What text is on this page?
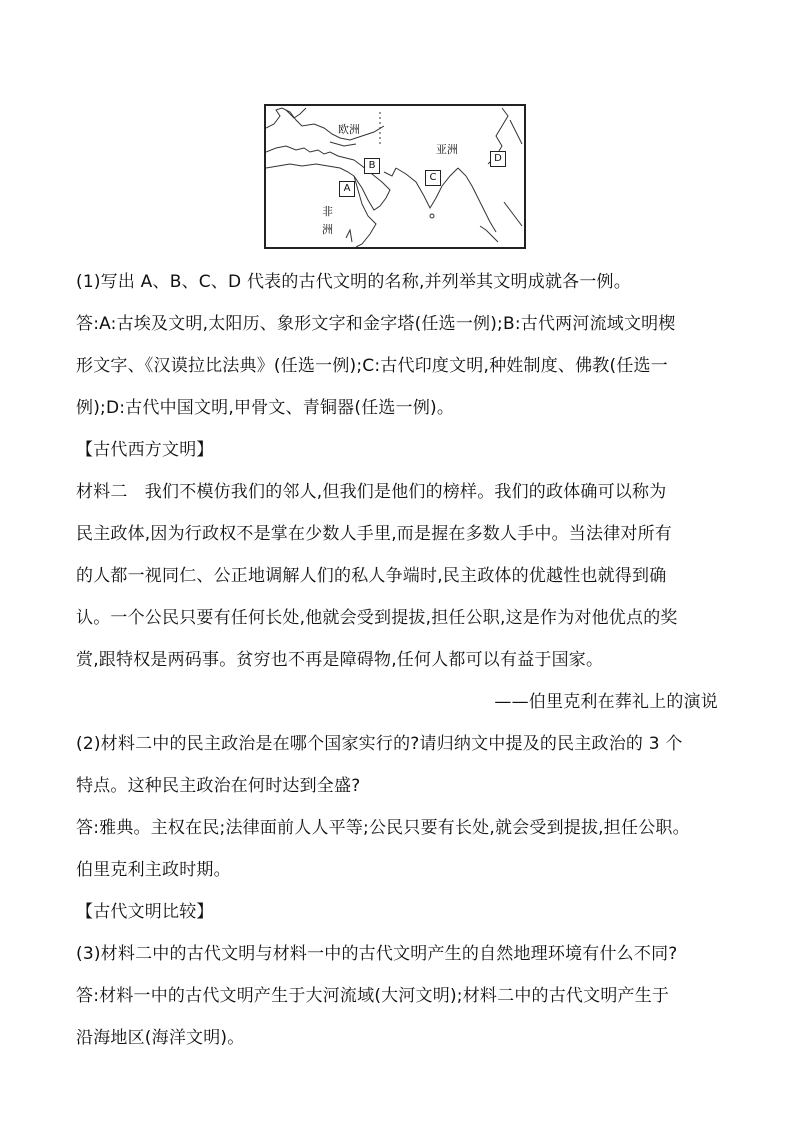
欧洲
亚洲
非
洲
A
B
C
D
(1)写出 A、B、C、D 代表的古代文明的名称,并列举其文明成就各一例。
答:A:古埃及文明,太阳历、象形文字和金字塔(任选一例);B:古代两河流域文明楔
形文字、《汉谟拉比法典》(任选一例);C:古代印度文明,种姓制度、佛教(任选一
例);D:古代中国文明,甲骨文、青铜器(任选一例)。
【古代西方文明】
材料二　我们不模仿我们的邻人,但我们是他们的榜样。我们的政体确可以称为
民主政体,因为行政权不是掌在少数人手里,而是握在多数人手中。当法律对所有
的人都一视同仁、公正地调解人们的私人争端时,民主政体的优越性也就得到确
认。一个公民只要有任何长处,他就会受到提拔,担任公职,这是作为对他优点的奖
赏,跟特权是两码事。贫穷也不再是障碍物,任何人都可以有益于国家。
——伯里克利在葬礼上的演说
(2)材料二中的民主政治是在哪个国家实行的?请归纳文中提及的民主政治的 3 个
特点。这种民主政治在何时达到全盛?
答:雅典。主权在民;法律面前人人平等;公民只要有长处,就会受到提拔,担任公职。
伯里克利主政时期。
【古代文明比较】
(3)材料二中的古代文明与材料一中的古代文明产生的自然地理环境有什么不同?
答:材料一中的古代文明产生于大河流域(大河文明);材料二中的古代文明产生于
沿海地区(海洋文明)。
